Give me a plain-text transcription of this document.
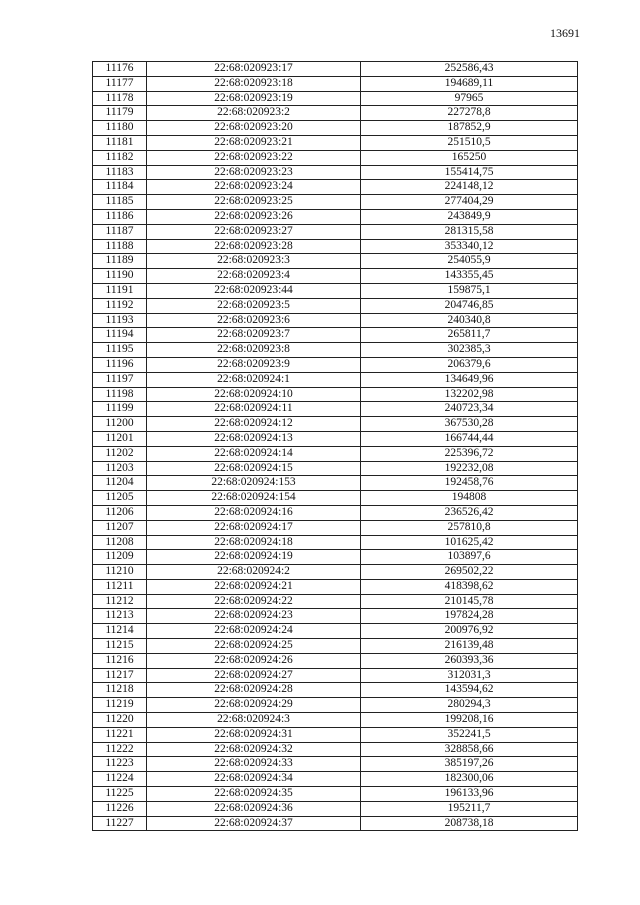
13691
11176	22:68:020923:17	252586,43
11177	22:68:020923:18	194689,11
11178	22:68:020923:19	97965
11179	22:68:020923:2	227278,8
11180	22:68:020923:20	187852,9
11181	22:68:020923:21	251510,5
11182	22:68:020923:22	165250
11183	22:68:020923:23	155414,75
11184	22:68:020923:24	224148,12
11185	22:68:020923:25	277404,29
11186	22:68:020923:26	243849,9
11187	22:68:020923:27	281315,58
11188	22:68:020923:28	353340,12
11189	22:68:020923:3	254055,9
11190	22:68:020923:4	143355,45
11191	22:68:020923:44	159875,1
11192	22:68:020923:5	204746,85
11193	22:68:020923:6	240340,8
11194	22:68:020923:7	265811,7
11195	22:68:020923:8	302385,3
11196	22:68:020923:9	206379,6
11197	22:68:020924:1	134649,96
11198	22:68:020924:10	132202,98
11199	22:68:020924:11	240723,34
11200	22:68:020924:12	367530,28
11201	22:68:020924:13	166744,44
11202	22:68:020924:14	225396,72
11203	22:68:020924:15	192232,08
11204	22:68:020924:153	192458,76
11205	22:68:020924:154	194808
11206	22:68:020924:16	236526,42
11207	22:68:020924:17	257810,8
11208	22:68:020924:18	101625,42
11209	22:68:020924:19	103897,6
11210	22:68:020924:2	269502,22
11211	22:68:020924:21	418398,62
11212	22:68:020924:22	210145,78
11213	22:68:020924:23	197824,28
11214	22:68:020924:24	200976,92
11215	22:68:020924:25	216139,48
11216	22:68:020924:26	260393,36
11217	22:68:020924:27	312031,3
11218	22:68:020924:28	143594,62
11219	22:68:020924:29	280294,3
11220	22:68:020924:3	199208,16
11221	22:68:020924:31	352241,5
11222	22:68:020924:32	328858,66
11223	22:68:020924:33	385197,26
11224	22:68:020924:34	182300,06
11225	22:68:020924:35	196133,96
11226	22:68:020924:36	195211,7
11227	22:68:020924:37	208738,18
